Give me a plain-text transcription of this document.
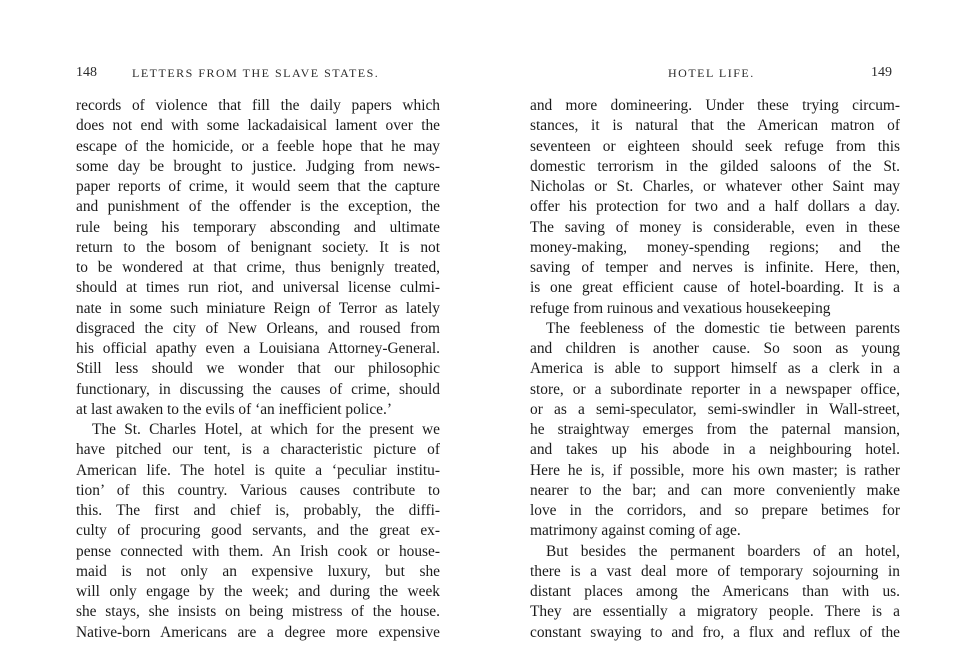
148	LETTERS FROM THE SLAVE STATES.
records of violence that fill the daily papers which
does not end with some lackadaisical lament over the
escape of the homicide, or a feeble hope that he may
some day be brought to justice. Judging from news-
paper reports of crime, it would seem that the capture
and punishment of the offender is the exception, the
rule being his temporary absconding and ultimate
return to the bosom of benignant society. It is not
to be wondered at that crime, thus benignly treated,
should at times run riot, and universal license culmi-
nate in some such miniature Reign of Terror as lately
disgraced the city of New Orleans, and roused from
his official apathy even a Louisiana Attorney-General.
Still less should we wonder that our philosophic
functionary, in discussing the causes of crime, should
at last awaken to the evils of ‘an inefficient police.’
The St. Charles Hotel, at which for the present we
have pitched our tent, is a characteristic picture of
American life. The hotel is quite a ‘peculiar institu-
tion’ of this country. Various causes contribute to
this. The first and chief is, probably, the diffi-
culty of procuring good servants, and the great ex-
pense connected with them. An Irish cook or house-
maid is not only an expensive luxury, but she
will only engage by the week; and during the week
she stays, she insists on being mistress of the house.
Native-born Americans are a degree more expensive
HOTEL LIFE.	149
and more domineering. Under these trying circum-
stances, it is natural that the American matron of
seventeen or eighteen should seek refuge from this
domestic terrorism in the gilded saloons of the St.
Nicholas or St. Charles, or whatever other Saint may
offer his protection for two and a half dollars a day.
The saving of money is considerable, even in these
money-making, money-spending regions; and the
saving of temper and nerves is infinite. Here, then,
is one great efficient cause of hotel-boarding. It is a
refuge from ruinous and vexatious housekeeping
The feebleness of the domestic tie between parents
and children is another cause. So soon as young
America is able to support himself as a clerk in a
store, or a subordinate reporter in a newspaper office,
or as a semi-speculator, semi-swindler in Wall-street,
he straightway emerges from the paternal mansion,
and takes up his abode in a neighbouring hotel.
Here he is, if possible, more his own master; is rather
nearer to the bar; and can more conveniently make
love in the corridors, and so prepare betimes for
matrimony against coming of age.
But besides the permanent boarders of an hotel,
there is a vast deal more of temporary sojourning in
distant places among the Americans than with us.
They are essentially a migratory people. There is a
constant swaying to and fro, a flux and reflux of the
